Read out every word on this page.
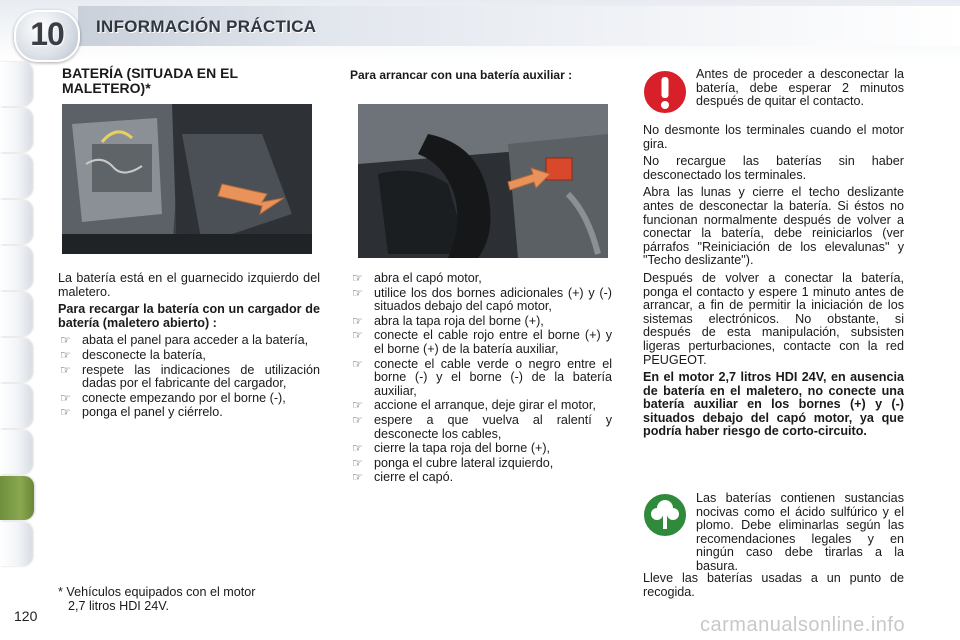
10	INFORMACIÓN PRÁCTICA
BATERÍA (SITUADA EN EL MALETERO)*

La batería está en el guarnecido izquierdo del maletero.

Para recargar la batería con un cargador de batería (maletero abierto) :

☞ abata el panel para acceder a la batería,
☞ desconecte la batería,
☞ respete las indicaciones de utilización dadas por el fabricante del cargador,
☞ conecte empezando por el borne (-),
☞ ponga el panel y ciérrelo.
* Vehículos equipados con el motor
2,7 litros HDI 24V.
120
Para arrancar con una batería auxiliar :
☞ abra el capó motor,
☞ utilice los dos bornes adicionales (+) y (-) situados debajo del capó motor,
☞ abra la tapa roja del borne (+),
☞ conecte el cable rojo entre el borne (+) y el borne (+) de la batería auxiliar,
☞ conecte el cable verde o negro entre el borne (-) y el borne (-) de la batería auxiliar,
☞ accione el arranque, deje girar el motor,
☞ espere a que vuelva al ralentí y desconecte los cables,
☞ cierre la tapa roja del borne (+),
☞ ponga el cubre lateral izquierdo,
☞ cierre el capó.

Antes de proceder a desconectar la batería, debe esperar 2 minutos después de quitar el contacto.

No desmonte los terminales cuando el motor gira.

No recargue las baterías sin haber desconectado los terminales.

Abra las lunas y cierre el techo deslizante antes de desconectar la batería. Si éstos no funcionan normalmente después de volver a conectar la batería, debe reiniciarlos (ver párrafos "Reiniciación de los elevalunas" y "Techo deslizante").

Después de volver a conectar la batería, ponga el contacto y espere 1 minuto antes de arrancar, a fin de permitir la iniciación de los sistemas electrónicos. No obstante, si después de esta manipulación, subsisten ligeras perturbaciones, contacte con la red PEUGEOT.

En el motor 2,7 litros HDI 24V, en ausencia de batería en el maletero, no conecte una batería auxiliar en los bornes (+) y (-) situados debajo del capó motor, ya que podría haber riesgo de corto-circuito.

Las baterías contienen sustancias nocivas como el ácido sulfúrico y el plomo. Debe eliminarlas según las recomendaciones legales y en ningún caso debe tirarlas a la basura.

Lleve las baterías usadas a un punto de recogida.

carmanualsonline.info
